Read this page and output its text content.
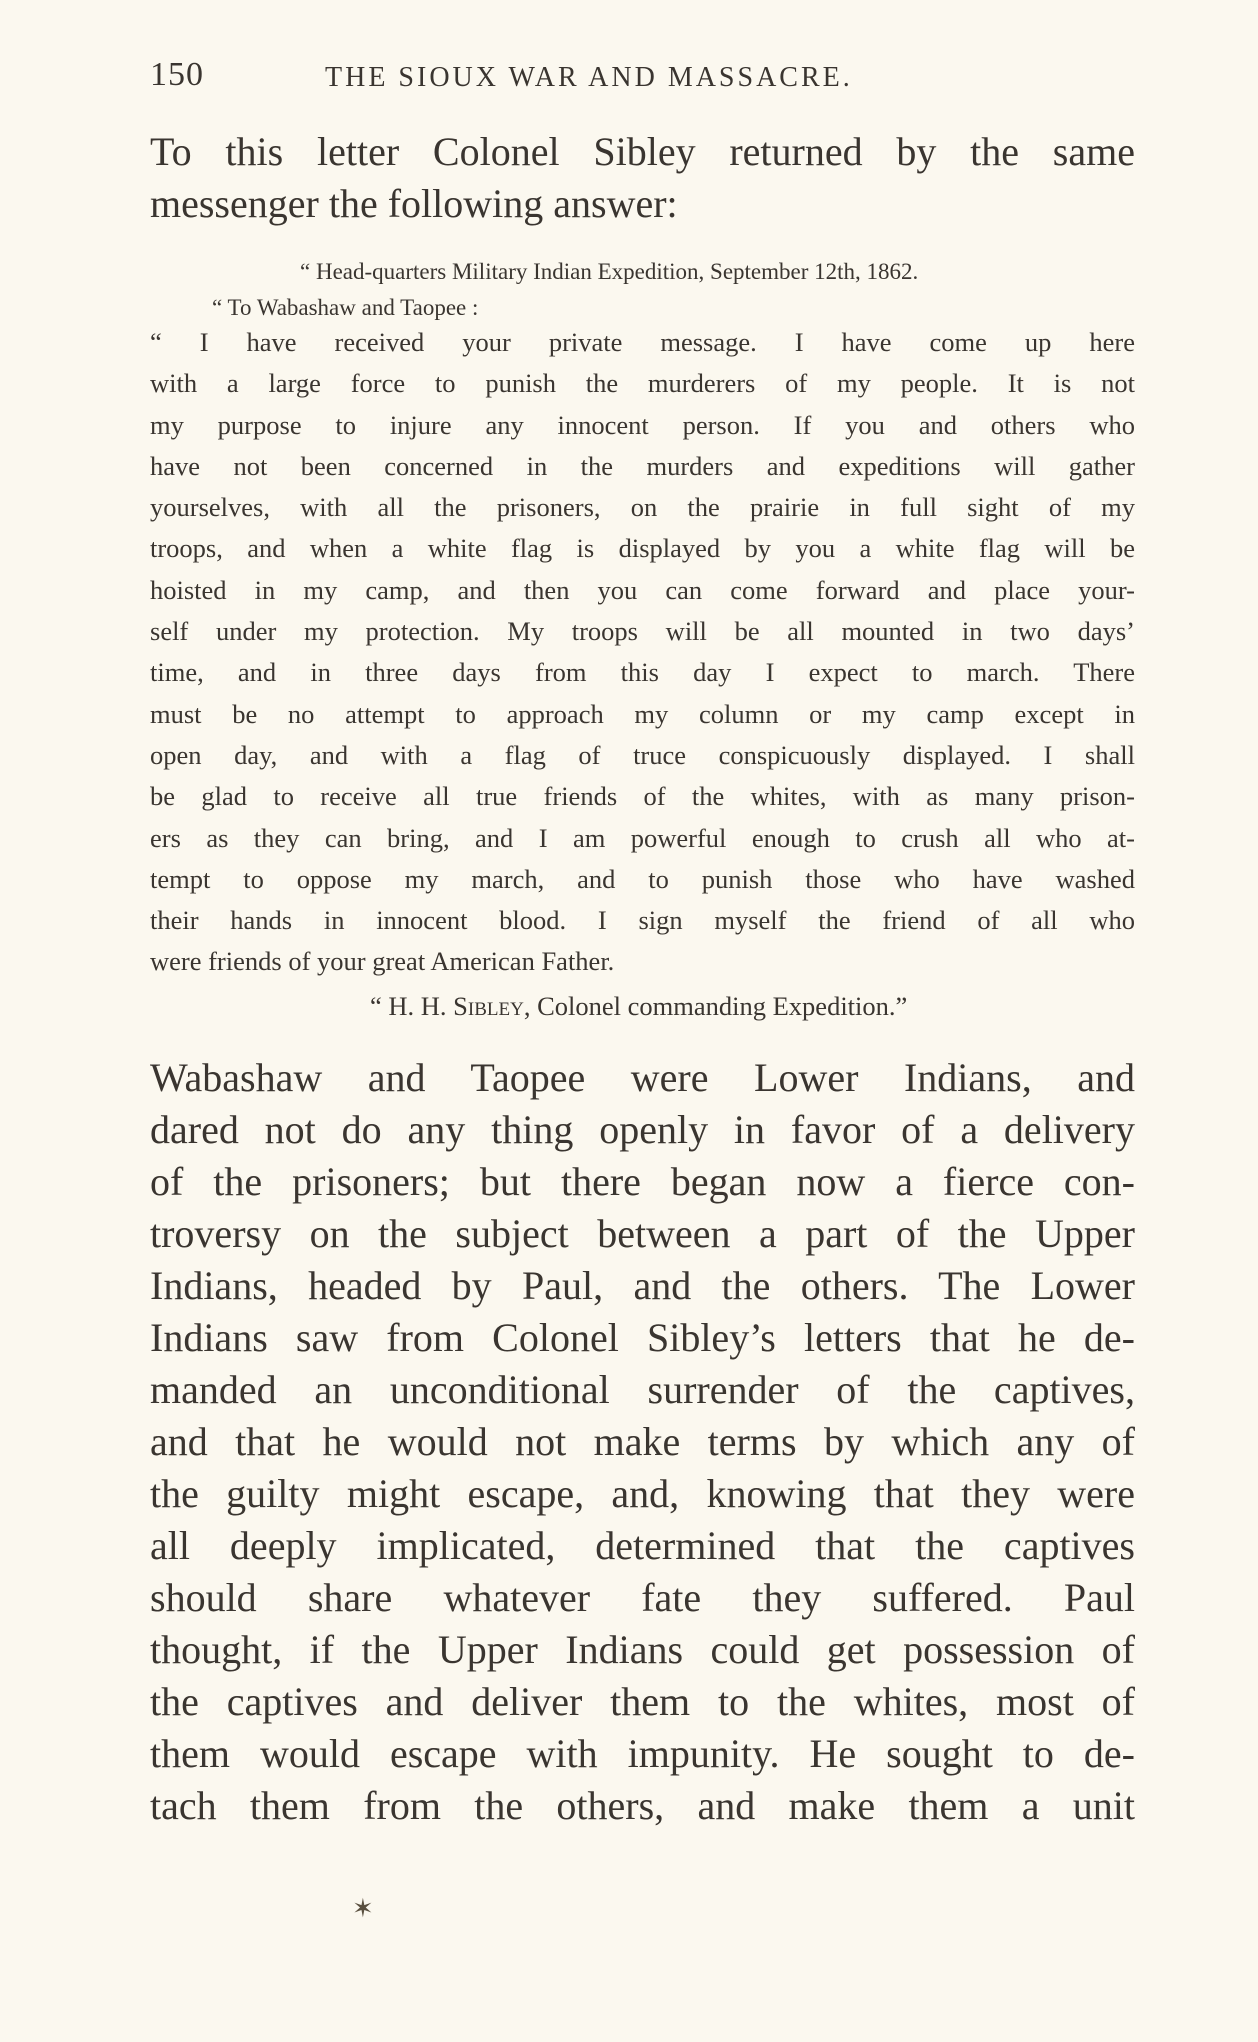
150	THE SIOUX WAR AND MASSACRE.
To this letter Colonel Sibley returned by the same
messenger the following answer:
“ Head-quarters Military Indian Expedition, September 12th, 1862.
“ To Wabashaw and Taopee :
“ I have received your private message. I have come up here
with a large force to punish the murderers of my people. It is not
my purpose to injure any innocent person. If you and others who
have not been concerned in the murders and expeditions will gather
yourselves, with all the prisoners, on the prairie in full sight of my
troops, and when a white flag is displayed by you a white flag will be
hoisted in my camp, and then you can come forward and place your-
self under my protection. My troops will be all mounted in two days’
time, and in three days from this day I expect to march. There
must be no attempt to approach my column or my camp except in
open day, and with a flag of truce conspicuously displayed. I shall
be glad to receive all true friends of the whites, with as many prison-
ers as they can bring, and I am powerful enough to crush all who at-
tempt to oppose my march, and to punish those who have washed
their hands in innocent blood. I sign myself the friend of all who
were friends of your great American Father.
“ H. H. Sibley, Colonel commanding Expedition.”
Wabashaw and Taopee were Lower Indians, and
dared not do any thing openly in favor of a delivery
of the prisoners; but there began now a fierce con-
troversy on the subject between a part of the Upper
Indians, headed by Paul, and the others. The Lower
Indians saw from Colonel Sibley’s letters that he de-
manded an unconditional surrender of the captives,
and that he would not make terms by which any of
the guilty might escape, and, knowing that they were
all deeply implicated, determined that the captives
should share whatever fate they suffered. Paul
thought, if the Upper Indians could get possession of
the captives and deliver them to the whites, most of
them would escape with impunity. He sought to de-
tach them from the others, and make them a unit
✶
